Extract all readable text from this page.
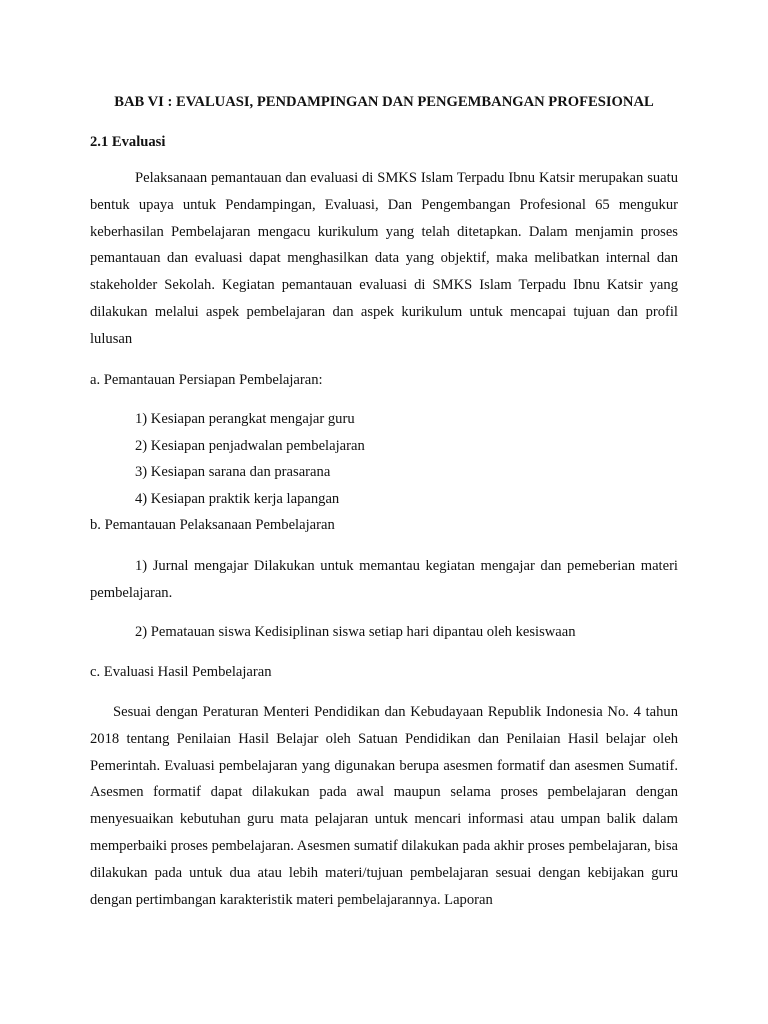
BAB VI : EVALUASI, PENDAMPINGAN DAN PENGEMBANGAN PROFESIONAL
2.1 Evaluasi

Pelaksanaan pemantauan dan evaluasi di SMKS Islam Terpadu Ibnu Katsir merupakan suatu bentuk upaya untuk Pendampingan, Evaluasi, Dan Pengembangan Profesional 65 mengukur keberhasilan Pembelajaran mengacu kurikulum yang telah ditetapkan. Dalam menjamin proses pemantauan dan evaluasi dapat menghasilkan data yang objektif, maka melibatkan internal dan stakeholder Sekolah. Kegiatan pemantauan evaluasi di SMKS Islam Terpadu Ibnu Katsir yang dilakukan melalui aspek pembelajaran dan aspek kurikulum untuk mencapai tujuan dan profil lulusan

a. Pemantauan Persiapan Pembelajaran:

1) Kesiapan perangkat mengajar guru

2) Kesiapan penjadwalan pembelajaran

3) Kesiapan sarana dan prasarana

4) Kesiapan praktik kerja lapangan

b. Pemantauan Pelaksanaan Pembelajaran

1) Jurnal mengajar Dilakukan untuk memantau kegiatan mengajar dan pemeberian materi pembelajaran.

2) Pematauan siswa Kedisiplinan siswa setiap hari dipantau oleh kesiswaan

c. Evaluasi Hasil Pembelajaran

Sesuai dengan Peraturan Menteri Pendidikan dan Kebudayaan Republik Indonesia No. 4 tahun 2018 tentang Penilaian Hasil Belajar oleh Satuan Pendidikan dan Penilaian Hasil belajar oleh Pemerintah. Evaluasi pembelajaran yang digunakan berupa asesmen formatif dan asesmen Sumatif. Asesmen formatif dapat dilakukan pada awal maupun selama proses pembelajaran dengan menyesuaikan kebutuhan guru mata pelajaran untuk mencari informasi atau umpan balik dalam memperbaiki proses pembelajaran. Asesmen sumatif dilakukan pada akhir proses pembelajaran, bisa dilakukan pada untuk dua atau lebih materi/tujuan pembelajaran sesuai dengan kebijakan guru dengan pertimbangan karakteristik materi pembelajarannya. Laporan
